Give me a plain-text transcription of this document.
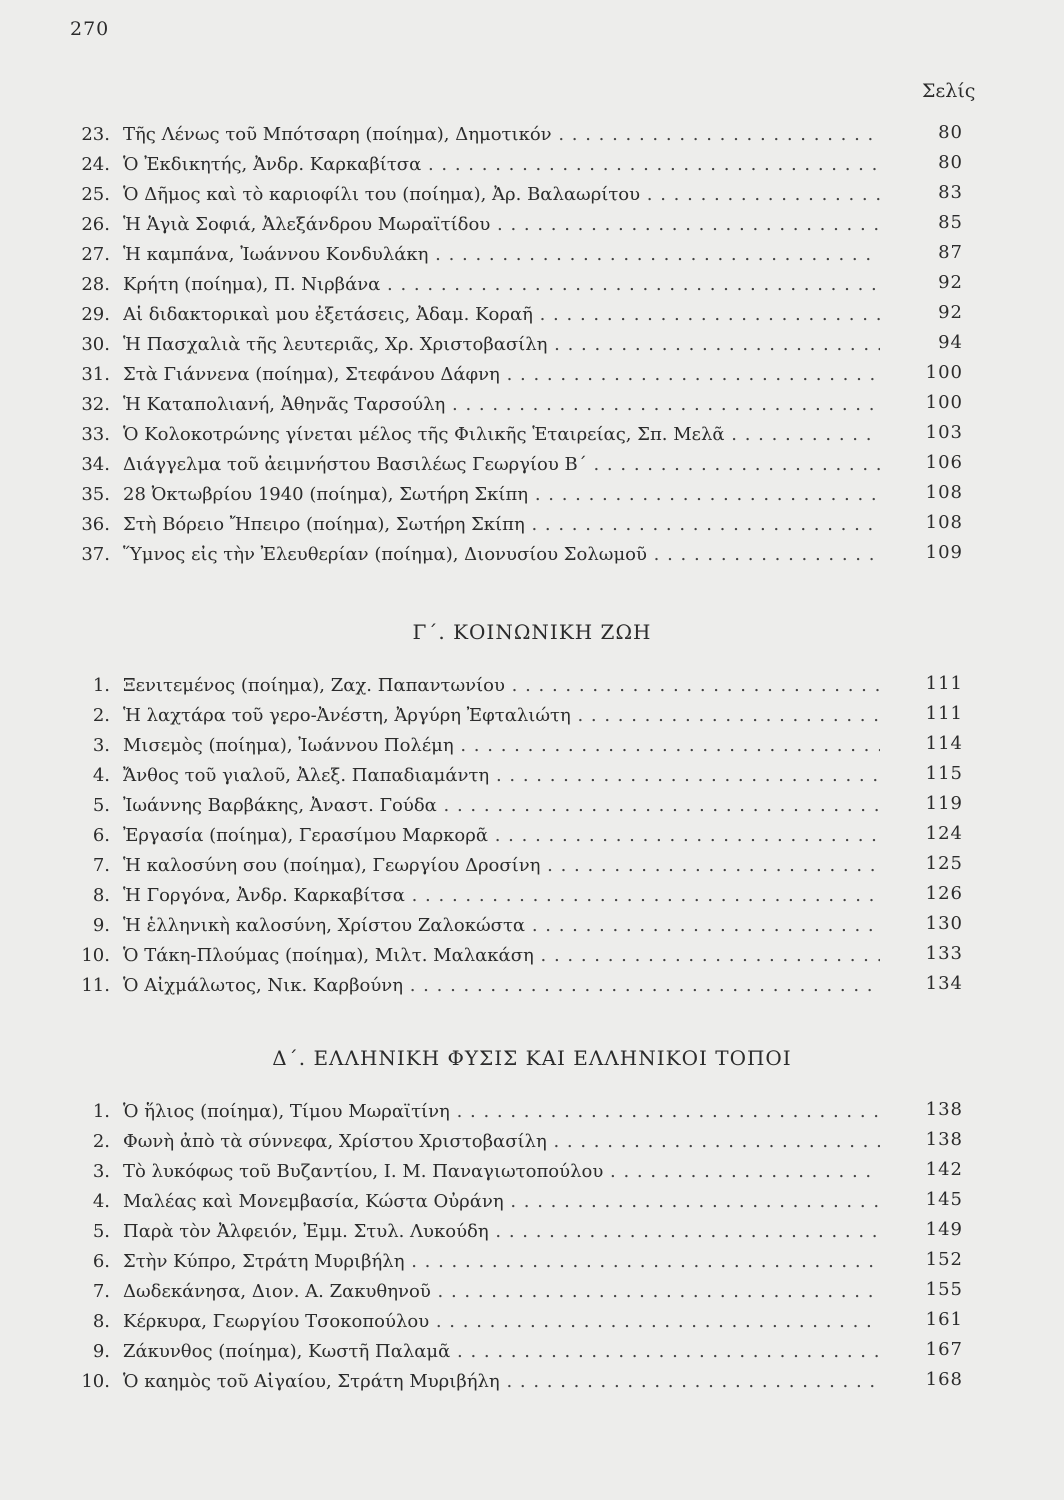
270
Σελίς
23. Τῆς Λένως τοῦ Μπότσαρη (ποίημα), Δημοτικόν . . .	80
24. Ὁ Ἐκδικητής, Ἀνδρ. Καρκαβίτσα . . .	80
25. Ὁ Δῆμος καὶ τὸ καριοφίλι του (ποίημα), Ἀρ. Βαλαωρίτου . . .	83
26. Ἡ Ἁγιὰ Σοφιά, Ἀλεξάνδρου Μωραϊτίδου . . .	85
27. Ἡ καμπάνα, Ἰωάννου Κονδυλάκη . . .	87
28. Κρήτη (ποίημα), Π. Νιρβάνα . . .	92
29. Αἱ διδακτορικαὶ μου ἐξετάσεις, Ἀδαμ. Κοραῆ . . .	92
30. Ἡ Πασχαλιὰ τῆς λευτεριᾶς, Χρ. Χριστοβασίλη . . .	94
31. Στὰ Γιάννενα (ποίημα), Στεφάνου Δάφνη . . .	100
32. Ἡ Καταπολιανή, Ἀθηνᾶς Ταρσούλη . . .	100
33. Ὁ Κολοκοτρώνης γίνεται μέλος τῆς Φιλικῆς Ἑταιρείας, Σπ. Μελᾶ . . .	103
34. Διάγγελμα τοῦ ἀειμνήστου Βασιλέως Γεωργίου Β΄ . . .	106
35. 28 Ὀκτωβρίου 1940 (ποίημα), Σωτήρη Σκίπη . . .	108
36. Στὴ Βόρειο Ἤπειρο (ποίημα), Σωτήρη Σκίπη . . .	108
37. Ὕμνος εἰς τὴν Ἐλευθερίαν (ποίημα), Διονυσίου Σολωμοῦ . . .	109
Γ΄. ΚΟΙΝΩΝΙΚΗ ΖΩΗ
1. Ξενιτεμένος (ποίημα), Ζαχ. Παπαντωνίου . . .	111
2. Ἡ λαχτάρα τοῦ γερο-Ἀνέστη, Ἀργύρη Ἐφταλιώτη . . .	111
3. Μισεμὸς (ποίημα), Ἰωάννου Πολέμη . . .	114
4. Ἄνθος τοῦ γιαλοῦ, Ἀλεξ. Παπαδιαμάντη . . .	115
5. Ἰωάννης Βαρβάκης, Ἀναστ. Γούδα . . .	119
6. Ἐργασία (ποίημα), Γερασίμου Μαρκορᾶ . . .	124
7. Ἡ καλοσύνη σου (ποίημα), Γεωργίου Δροσίνη . . .	125
8. Ἡ Γοργόνα, Ἀνδρ. Καρκαβίτσα . . .	126
9. Ἡ ἑλληνικὴ καλοσύνη, Χρίστου Ζαλοκώστα . . .	130
10. Ὁ Τάκη-Πλούμας (ποίημα), Μιλτ. Μαλακάση . . .	133
11. Ὁ Αἰχμάλωτος, Νικ. Καρβούνη . . .	134
Δ΄. ΕΛΛΗΝΙΚΗ ΦΥΣΙΣ ΚΑΙ ΕΛΛΗΝΙΚΟΙ ΤΟΠΟΙ
1. Ὁ ἥλιος (ποίημα), Τίμου Μωραϊτίνη . . .	138
2. Φωνὴ ἀπὸ τὰ σύννεφα, Χρίστου Χριστοβασίλη . . .	138
3. Τὸ λυκόφως τοῦ Βυζαντίου, Ι. Μ. Παναγιωτοπούλου . . .	142
4. Μαλέας καὶ Μονεμβασία, Κώστα Οὐράνη . . .	145
5. Παρὰ τὸν Ἀλφειόν, Ἐμμ. Στυλ. Λυκούδη . . .	149
6. Στὴν Κύπρο, Στράτη Μυριβήλη . . .	152
7. Δωδεκάνησα, Διον. Α. Ζακυθηνοῦ . . .	155
8. Κέρκυρα, Γεωργίου Τσοκοπούλου . . .	161
9. Ζάκυνθος (ποίημα), Κωστῆ Παλαμᾶ . . .	167
10. Ὁ καημὸς τοῦ Αἰγαίου, Στράτη Μυριβήλη . . .	168
